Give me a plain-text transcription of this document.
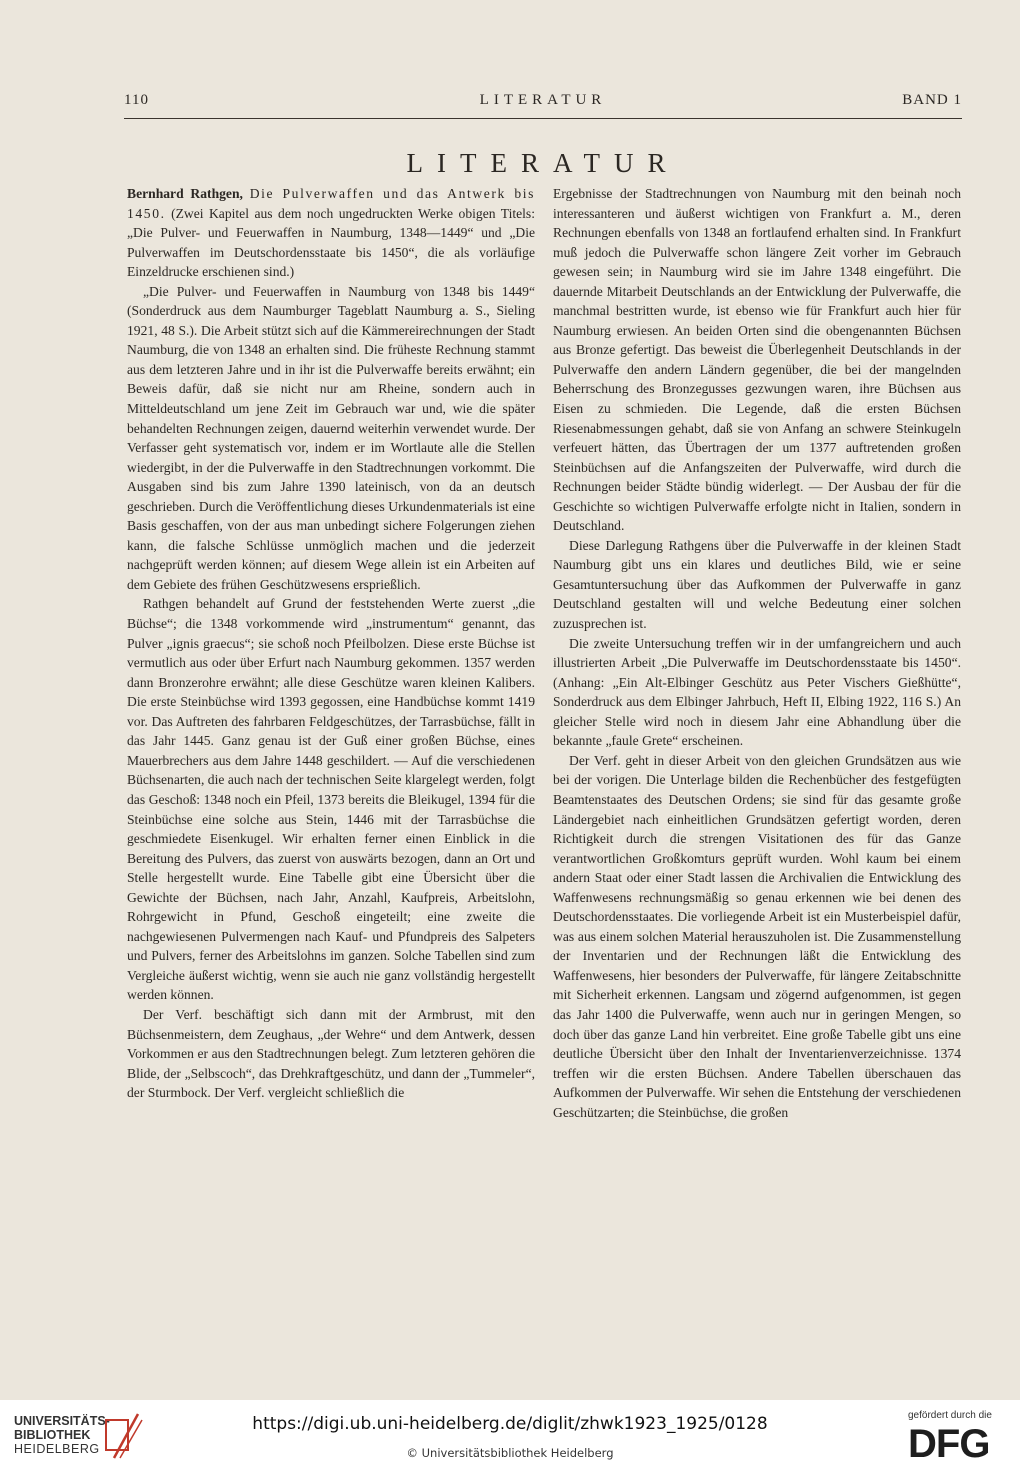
110	LITERATUR	BAND 1
LITERATUR

Bernhard Rathgen, Die Pulverwaffen und das Antwerk bis 1450. (Zwei Kapitel aus dem noch ungedruckten Werke obigen Titels: „Die Pulver- und Feuerwaffen in Naumburg, 1348—1449“ und „Die Pulverwaffen im Deutschordensstaate bis 1450“, die als vorläufige Einzeldrucke erschienen sind.)

„Die Pulver- und Feuerwaffen in Naumburg von 1348 bis 1449“ (Sonderdruck aus dem Naumburger Tageblatt Naumburg a. S., Sieling 1921, 48 S.). Die Arbeit stützt sich auf die Kämmereirechnungen der Stadt Naumburg, die von 1348 an erhalten sind. Die früheste Rechnung stammt aus dem letzteren Jahre und in ihr ist die Pulverwaffe bereits erwähnt; ein Beweis dafür, daß sie nicht nur am Rheine, sondern auch in Mitteldeutschland um jene Zeit im Gebrauch war und, wie die später behandelten Rechnungen zeigen, dauernd weiterhin verwendet wurde. Der Verfasser geht systematisch vor, indem er im Wortlaute alle die Stellen wiedergibt, in der die Pulverwaffe in den Stadtrechnungen vorkommt. Die Ausgaben sind bis zum Jahre 1390 lateinisch, von da an deutsch geschrieben. Durch die Veröffentlichung dieses Urkundenmaterials ist eine Basis geschaffen, von der aus man unbedingt sichere Folgerungen ziehen kann, die falsche Schlüsse unmöglich machen und die jederzeit nachgeprüft werden können; auf diesem Wege allein ist ein Arbeiten auf dem Gebiete des frühen Geschützwesens ersprießlich.

Rathgen behandelt auf Grund der feststehenden Werte zuerst „die Büchse“; die 1348 vorkommende wird „instrumentum“ genannt, das Pulver „ignis graecus“; sie schoß noch Pfeilbolzen. Diese erste Büchse ist vermutlich aus oder über Erfurt nach Naumburg gekommen. 1357 werden dann Bronzerohre erwähnt; alle diese Geschütze waren kleinen Kalibers. Die erste Steinbüchse wird 1393 gegossen, eine Handbüchse kommt 1419 vor. Das Auftreten des fahrbaren Feldgeschützes, der Tarrasbüchse, fällt in das Jahr 1445. Ganz genau ist der Guß einer großen Büchse, eines Mauerbrechers aus dem Jahre 1448 geschildert. — Auf die verschiedenen Büchsenarten, die auch nach der technischen Seite klargelegt werden, folgt das Geschoß: 1348 noch ein Pfeil, 1373 bereits die Bleikugel, 1394 für die Steinbüchse eine solche aus Stein, 1446 mit der Tarrasbüchse die geschmiedete Eisenkugel. Wir erhalten ferner einen Einblick in die Bereitung des Pulvers, das zuerst von auswärts bezogen, dann an Ort und Stelle hergestellt wurde. Eine Tabelle gibt eine Übersicht über die Gewichte der Büchsen, nach Jahr, Anzahl, Kaufpreis, Arbeitslohn, Rohrgewicht in Pfund, Geschoß eingeteilt; eine zweite die nachgewiesenen Pulvermengen nach Kauf- und Pfundpreis des Salpeters und Pulvers, ferner des Arbeitslohns im ganzen. Solche Tabellen sind zum Vergleiche äußerst wichtig, wenn sie auch nie ganz vollständig hergestellt werden können.

Der Verf. beschäftigt sich dann mit der Armbrust, mit den Büchsenmeistern, dem Zeughaus, „der Wehre“ und dem Antwerk, dessen Vorkommen er aus den Stadtrechnungen belegt. Zum letzteren gehören die Blide, der „Selbscoch“, das Drehkraftgeschütz, und dann der „Tummeler“, der Sturmbock. Der Verf. vergleicht schließlich die

Ergebnisse der Stadtrechnungen von Naumburg mit den beinah noch interessanteren und äußerst wichtigen von Frankfurt a. M., deren Rechnungen ebenfalls von 1348 an fortlaufend erhalten sind. In Frankfurt muß jedoch die Pulverwaffe schon längere Zeit vorher im Gebrauch gewesen sein; in Naumburg wird sie im Jahre 1348 eingeführt. Die dauernde Mitarbeit Deutschlands an der Entwicklung der Pulverwaffe, die manchmal bestritten wurde, ist ebenso wie für Frankfurt auch hier für Naumburg erwiesen. An beiden Orten sind die obengenannten Büchsen aus Bronze gefertigt. Das beweist die Überlegenheit Deutschlands in der Pulverwaffe den andern Ländern gegenüber, die bei der mangelnden Beherrschung des Bronzegusses gezwungen waren, ihre Büchsen aus Eisen zu schmieden. Die Legende, daß die ersten Büchsen Riesenabmessungen gehabt, daß sie von Anfang an schwere Steinkugeln verfeuert hätten, das Übertragen der um 1377 auftretenden großen Steinbüchsen auf die Anfangszeiten der Pulverwaffe, wird durch die Rechnungen beider Städte bündig widerlegt. — Der Ausbau der für die Geschichte so wichtigen Pulverwaffe erfolgte nicht in Italien, sondern in Deutschland.

Diese Darlegung Rathgens über die Pulverwaffe in der kleinen Stadt Naumburg gibt uns ein klares und deutliches Bild, wie er seine Gesamtuntersuchung über das Aufkommen der Pulverwaffe in ganz Deutschland gestalten will und welche Bedeutung einer solchen zuzusprechen ist.

Die zweite Untersuchung treffen wir in der umfangreichern und auch illustrierten Arbeit „Die Pulverwaffe im Deutschordensstaate bis 1450“. (Anhang: „Ein Alt-Elbinger Geschütz aus Peter Vischers Gießhütte“, Sonderdruck aus dem Elbinger Jahrbuch, Heft II, Elbing 1922, 116 S.) An gleicher Stelle wird noch in diesem Jahr eine Abhandlung über die bekannte „faule Grete“ erscheinen.

Der Verf. geht in dieser Arbeit von den gleichen Grundsätzen aus wie bei der vorigen. Die Unterlage bilden die Rechenbücher des festgefügten Beamtenstaates des Deutschen Ordens; sie sind für das gesamte große Ländergebiet nach einheitlichen Grundsätzen gefertigt worden, deren Richtigkeit durch die strengen Visitationen des für das Ganze verantwortlichen Großkomturs geprüft wurden. Wohl kaum bei einem andern Staat oder einer Stadt lassen die Archivalien die Entwicklung des Waffenwesens rechnungsmäßig so genau erkennen wie bei denen des Deutschordensstaates. Die vorliegende Arbeit ist ein Musterbeispiel dafür, was aus einem solchen Material herauszuholen ist. Die Zusammenstellung der Inventarien und der Rechnungen läßt die Entwicklung des Waffenwesens, hier besonders der Pulverwaffe, für längere Zeitabschnitte mit Sicherheit erkennen. Langsam und zögernd aufgenommen, ist gegen das Jahr 1400 die Pulverwaffe, wenn auch nur in geringen Mengen, so doch über das ganze Land hin verbreitet. Eine große Tabelle gibt uns eine deutliche Übersicht über den Inhalt der Inventarienverzeichnisse. 1374 treffen wir die ersten Büchsen. Andere Tabellen überschauen das Aufkommen der Pulverwaffe. Wir sehen die Entstehung der verschiedenen Geschützarten; die Steinbüchse, die großen

UNIVERSITÄTS-
BIBLIOTHEK
HEIDELBERG
https://digi.ub.uni-heidelberg.de/diglit/zhwk1923_1925/0128
© Universitätsbibliothek Heidelberg
gefördert durch die
DFG
